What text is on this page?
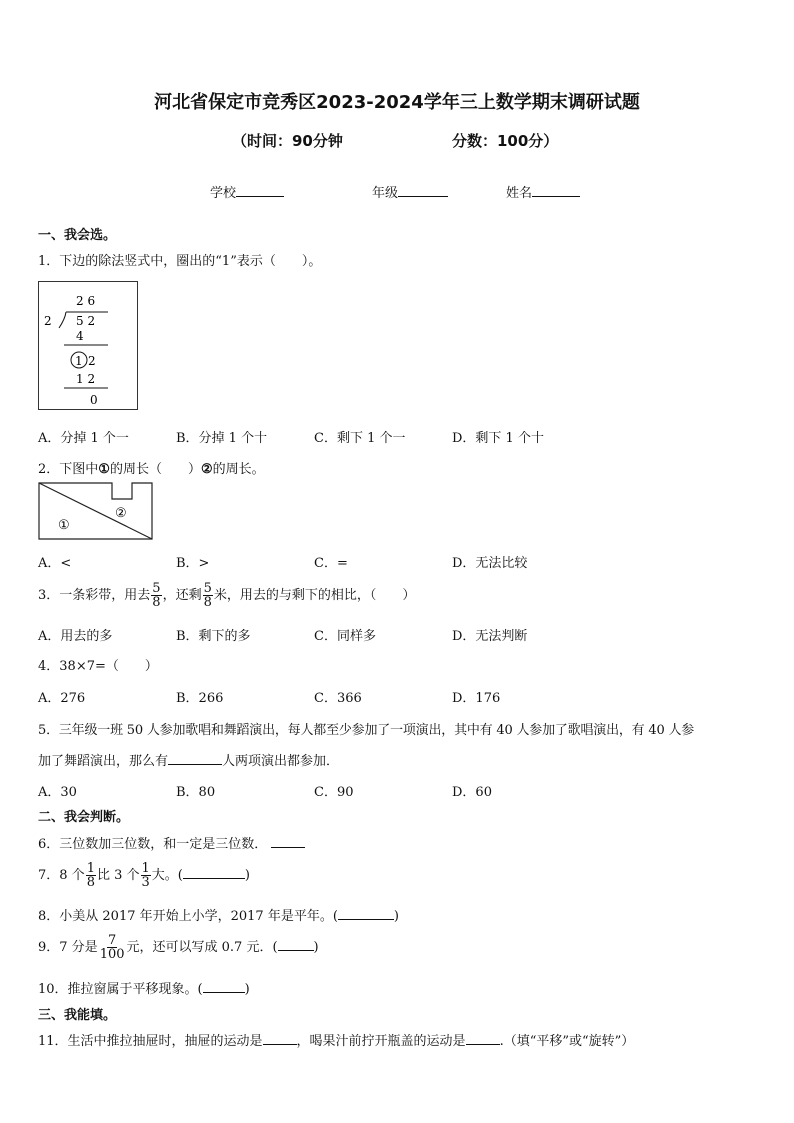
河北省保定市竞秀区2023-2024学年三上数学期末调研试题
（时间：90分钟	分数：100分）
学校	年级	姓名
一、我会选。
1．下边的除法竖式中，圈出的“1”表示（　　）。
2 6
2 5 2
4
1 2
1 2
0
A．分掉 1 个一	B．分掉 1 个十	C．剩下 1 个一	D．剩下 1 个十
2．下图中①的周长（　　）②的周长。
①
②
A．<	B．>	C．=	D．无法比较
3．一条彩带，用去 $\frac{5}{8}$ ，还剩 $\frac{5}{8}$ 米，用去的与剩下的相比，（　　）
A．用去的多	B．剩下的多	C．同样多	D．无法判断
4．38×7=（　　）
A．276	B．266	C．366	D．176
5．三年级一班 50 人参加歌唱和舞蹈演出，每人都至少参加了一项演出，其中有 40 人参加了歌唱演出，有 40 人参
加了舞蹈演出，那么有	人两项演出都参加．
A．30	B．80	C．90	D．60
二、我会判断。
6．三位数加三位数，和一定是三位数．
7．8 个 $\frac{1}{8}$ 比 3 个 $\frac{1}{3}$ 大。(	)
8．小美从 2017 年开始上小学，2017 年是平年。(	)
9．7 分是 $\frac{7}{100}$ 元，还可以写成 0.7 元．(	)
10．推拉窗属于平移现象。(	)
三、我能填。
11．生活中推拉抽屉时，抽屉的运动是	，喝果汁前拧开瓶盖的运动是	.（填“平移”或“旋转”）
